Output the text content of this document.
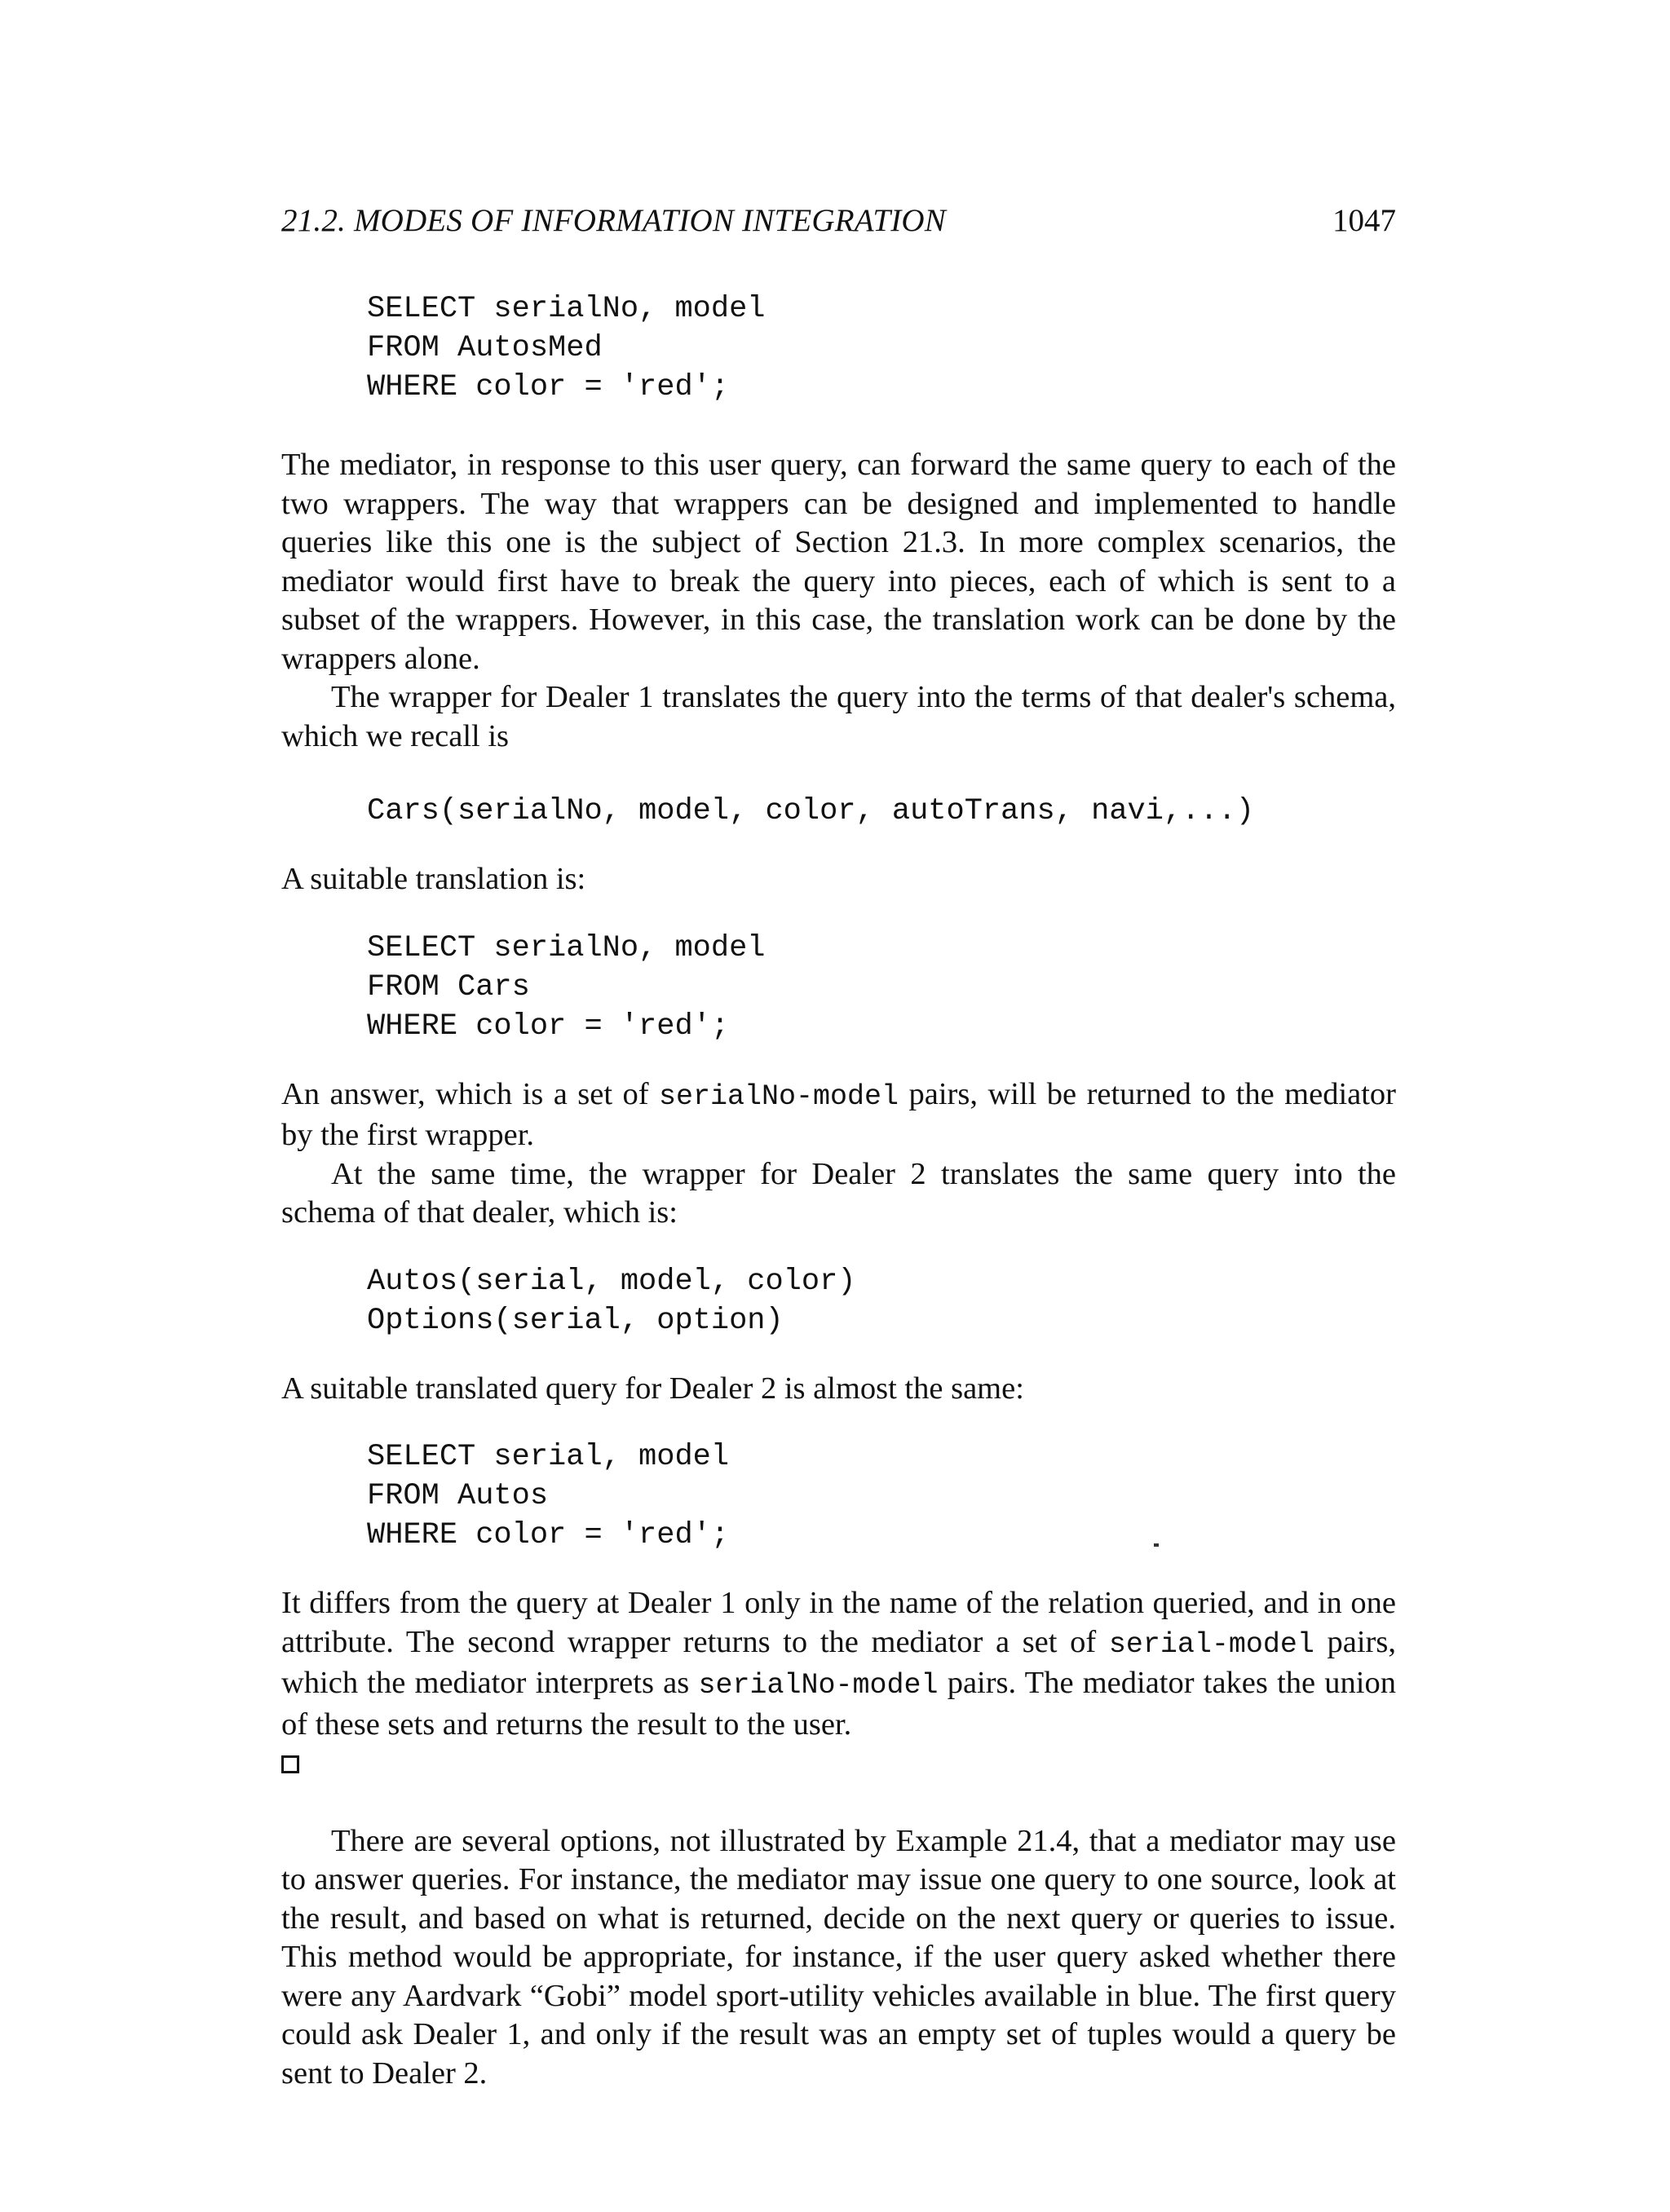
21.2. MODES OF INFORMATION INTEGRATION	1047
SELECT serialNo, model
FROM AutosMed
WHERE color = 'red';

The mediator, in response to this user query, can forward the same query to each of the two wrappers. The way that wrappers can be designed and implemented to handle queries like this one is the subject of Section 21.3. In more complex scenarios, the mediator would first have to break the query into pieces, each of which is sent to a subset of the wrappers. However, in this case, the translation work can be done by the wrappers alone.

The wrapper for Dealer 1 translates the query into the terms of that dealer's schema, which we recall is

Cars(serialNo, model, color, autoTrans, navi,...)

A suitable translation is:

SELECT serialNo, model
FROM Cars
WHERE color = 'red';

An answer, which is a set of serialNo-model pairs, will be returned to the mediator by the first wrapper.

At the same time, the wrapper for Dealer 2 translates the same query into the schema of that dealer, which is:

Autos(serial, model, color)
Options(serial, option)

A suitable translated query for Dealer 2 is almost the same:

SELECT serial, model
FROM Autos
WHERE color = 'red';

It differs from the query at Dealer 1 only in the name of the relation queried, and in one attribute. The second wrapper returns to the mediator a set of serial-model pairs, which the mediator interprets as serialNo-model pairs. The mediator takes the union of these sets and returns the result to the user.

There are several options, not illustrated by Example 21.4, that a mediator may use to answer queries. For instance, the mediator may issue one query to one source, look at the result, and based on what is returned, decide on the next query or queries to issue. This method would be appropriate, for instance, if the user query asked whether there were any Aardvark “Gobi” model sport-utility vehicles available in blue. The first query could ask Dealer 1, and only if the result was an empty set of tuples would a query be sent to Dealer 2.
